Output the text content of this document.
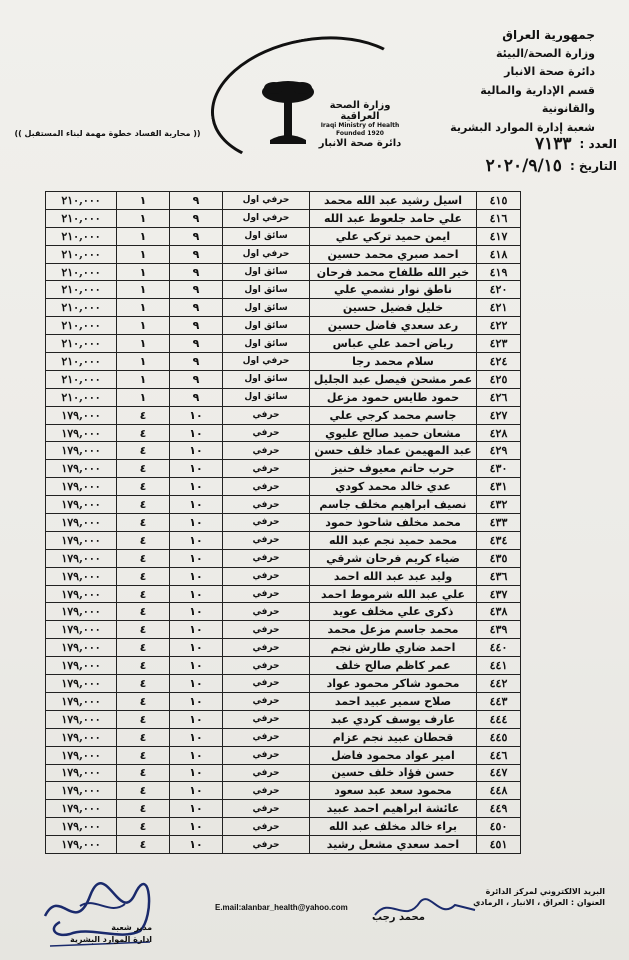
جمهورية العراق
وزارة الصحة/البيئة
دائرة صحة الانبار
قسم الإدارية والمالية والقانونية
شعبة إدارة الموارد البشرية
العدد :
٧١٣٣
التاريخ :
٢٠٢٠/٩/١٥
وزارة الصحة العراقية
Iraqi Ministry of Health
Founded 1920
دائرة صحة الانبار
(( محاربة الفساد خطوة مهمة لبناء المستقبل ))
٢١٠,٠٠٠	١	٩	حرفي اول	اسيل رشيد عبد الله محمد	٤١٥
٢١٠,٠٠٠	١	٩	حرفي اول	علي حامد جلعوط عبد الله	٤١٦
٢١٠,٠٠٠	١	٩	سائق اول	ايمن حميد تركي علي	٤١٧
٢١٠,٠٠٠	١	٩	حرفي اول	احمد صبري محمد حسين	٤١٨
٢١٠,٠٠٠	١	٩	سائق اول	خير الله طلفاح محمد فرحان	٤١٩
٢١٠,٠٠٠	١	٩	سائق اول	ناطق نوار نشمي علي	٤٢٠
٢١٠,٠٠٠	١	٩	سائق اول	خليل فضيل حسين	٤٢١
٢١٠,٠٠٠	١	٩	سائق اول	رعد سعدي فاضل حسين	٤٢٢
٢١٠,٠٠٠	١	٩	سائق اول	رياض احمد علي عباس	٤٢٣
٢١٠,٠٠٠	١	٩	حرفي اول	سلام محمد رجا	٤٢٤
٢١٠,٠٠٠	١	٩	سائق اول	عمر مشحن فيصل عبد الجليل	٤٢٥
٢١٠,٠٠٠	١	٩	سائق اول	حمود طايس حمود مزعل	٤٢٦
١٧٩,٠٠٠	٤	١٠	حرفي	جاسم محمد كرجي علي	٤٢٧
١٧٩,٠٠٠	٤	١٠	حرفي	مشعان حميد صالح عليوي	٤٢٨
١٧٩,٠٠٠	٤	١٠	حرفي	عبد المهيمن عماد خلف حسن	٤٢٩
١٧٩,٠٠٠	٤	١٠	حرفي	حرب حاتم معيوف حنيز	٤٣٠
١٧٩,٠٠٠	٤	١٠	حرفي	عدي خالد محمد كودي	٤٣١
١٧٩,٠٠٠	٤	١٠	حرفي	نصيف ابراهيم مخلف جاسم	٤٣٢
١٧٩,٠٠٠	٤	١٠	حرفي	محمد مخلف شاحوذ حمود	٤٣٣
١٧٩,٠٠٠	٤	١٠	حرفي	محمد حميد نجم عبد الله	٤٣٤
١٧٩,٠٠٠	٤	١٠	حرفي	ضياء كريم فرحان شرقي	٤٣٥
١٧٩,٠٠٠	٤	١٠	حرفي	وليد عبد عبد الله احمد	٤٣٦
١٧٩,٠٠٠	٤	١٠	حرفي	علي عبد الله شرموط احمد	٤٣٧
١٧٩,٠٠٠	٤	١٠	حرفي	ذكرى علي مخلف عويد	٤٣٨
١٧٩,٠٠٠	٤	١٠	حرفي	محمد جاسم مزعل محمد	٤٣٩
١٧٩,٠٠٠	٤	١٠	حرفي	احمد ضاري طارش نجم	٤٤٠
١٧٩,٠٠٠	٤	١٠	حرفي	عمر كاظم صالح خلف	٤٤١
١٧٩,٠٠٠	٤	١٠	حرفي	محمود شاكر محمود عواد	٤٤٢
١٧٩,٠٠٠	٤	١٠	حرفي	صلاح سمير عبيد احمد	٤٤٣
١٧٩,٠٠٠	٤	١٠	حرفي	عارف يوسف كردي عبد	٤٤٤
١٧٩,٠٠٠	٤	١٠	حرفي	قحطان عبيد نجم عزام	٤٤٥
١٧٩,٠٠٠	٤	١٠	حرفي	امير عواد محمود فاضل	٤٤٦
١٧٩,٠٠٠	٤	١٠	حرفي	حسن فؤاد خلف حسين	٤٤٧
١٧٩,٠٠٠	٤	١٠	حرفي	محمود سعد عبد سعود	٤٤٨
١٧٩,٠٠٠	٤	١٠	حرفي	عائشة ابراهيم احمد عبيد	٤٤٩
١٧٩,٠٠٠	٤	١٠	حرفي	براء خالد مخلف عبد الله	٤٥٠
١٧٩,٠٠٠	٤	١٠	حرفي	احمد سعدي مشعل رشيد	٤٥١
البريد الالكتروني لمركز الدائرة
العنوان : العراق ، الانبار ، الرمادي
E.mail:alanbar_health@yahoo.com
مدير شعبة
ادارة الموارد البشرية
محمد رجب
